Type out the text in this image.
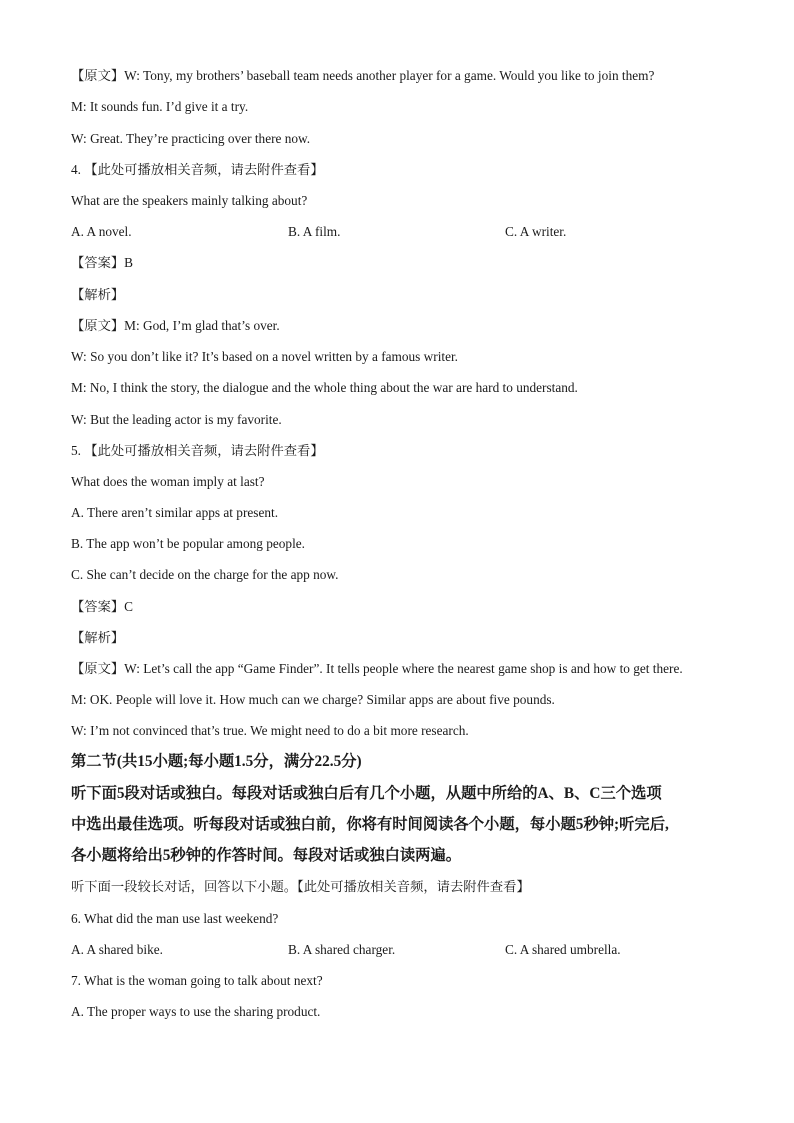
【原文】W: Tony, my brothers’ baseball team needs another player for a game. Would you like to join them?
M: It sounds fun. I’d give it a try.
W: Great. They’re practicing over there now.
4. 【此处可播放相关音频，请去附件查看】
What are the speakers mainly talking about?
A. A novel.	B. A film.	C. A writer.
【答案】B
【解析】
【原文】M: God, I’m glad that’s over.
W: So you don’t like it? It’s based on a novel written by a famous writer.
M: No, I think the story, the dialogue and the whole thing about the war are hard to understand.
W: But the leading actor is my favorite.
5. 【此处可播放相关音频，请去附件查看】
What does the woman imply at last?
A. There aren’t similar apps at present.
B. The app won’t be popular among people.
C. She can’t decide on the charge for the app now.
【答案】C
【解析】
【原文】W: Let’s call the app “Game Finder”. It tells people where the nearest game shop is and how to get there.
M: OK. People will love it. How much can we charge? Similar apps are about five pounds.
W: I’m not convinced that’s true. We might need to do a bit more research.
第二节(共15小题;每小题1.5分，满分22.5分)
听下面5段对话或独白。每段对话或独白后有几个小题，从题中所给的A、B、C三个选项
中选出最佳选项。听每段对话或独白前，你将有时间阅读各个小题，每小题5秒钟;听完后,
各小题将给出5秒钟的作答时间。每段对话或独白读两遍。
听下面一段较长对话，回答以下小题。【此处可播放相关音频，请去附件查看】
6. What did the man use last weekend?
A. A shared bike.	B. A shared charger.	C. A shared umbrella.
7. What is the woman going to talk about next?
A. The proper ways to use the sharing product.
